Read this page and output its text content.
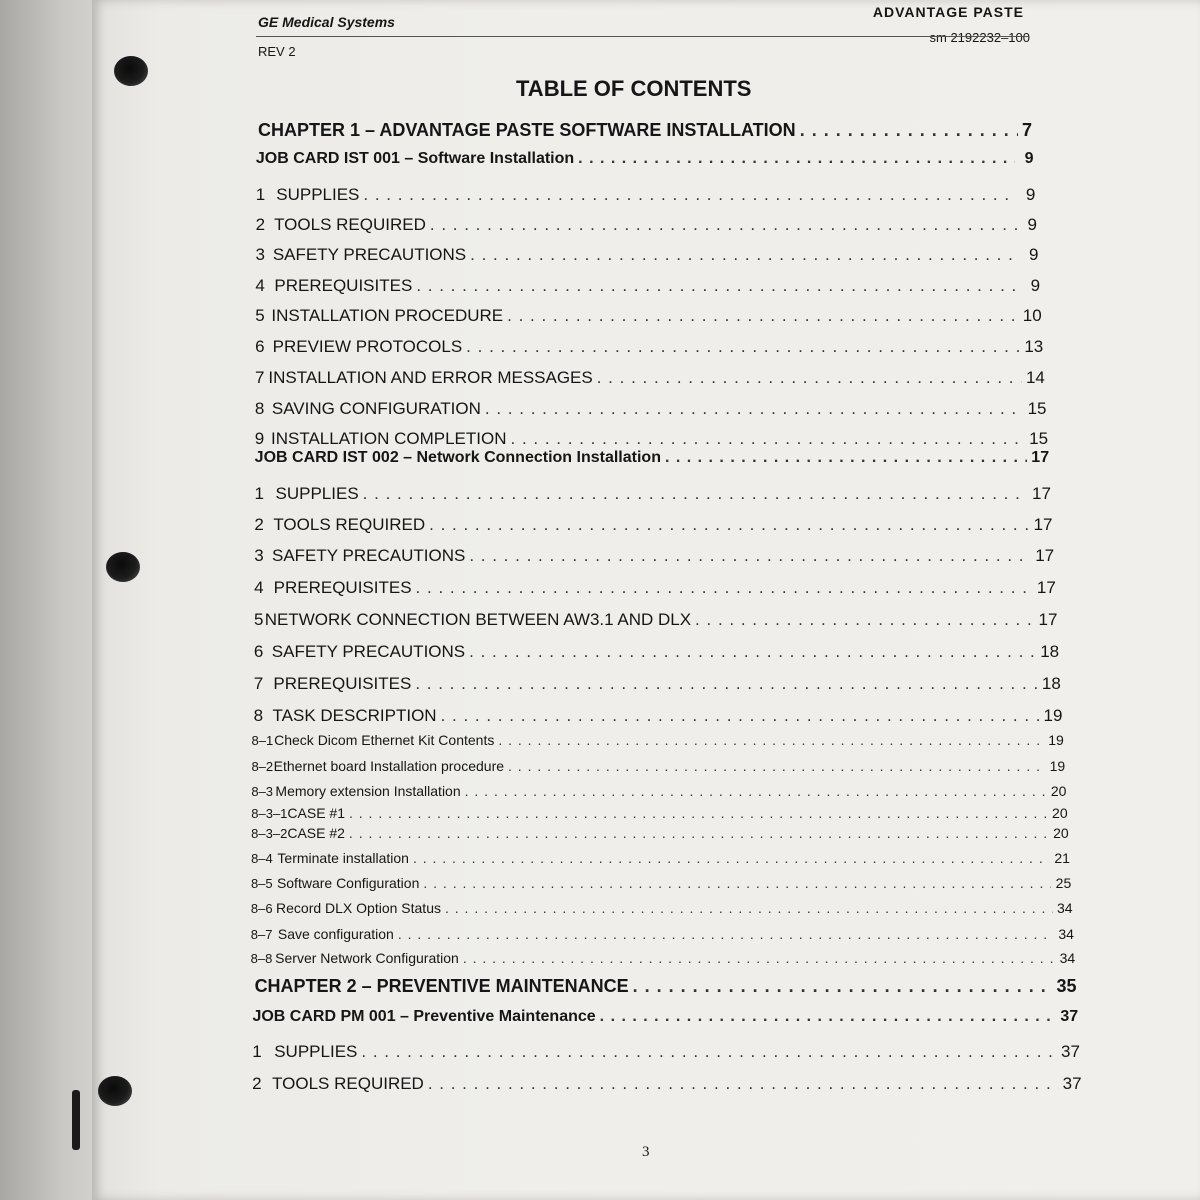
GE Medical Systems
REV 2
ADVANTAGE PASTE
sm 2192232–100
TABLE OF CONTENTS
CHAPTER 1 – ADVANTAGE PASTE SOFTWARE INSTALLATION . . .	7
JOB CARD IST 001 – Software Installation . . .	9
1 SUPPLIES . . .	9
2 TOOLS REQUIRED . . .	9
3 SAFETY PRECAUTIONS . . .	9
4 PREREQUISITES . . .	9
5 INSTALLATION PROCEDURE . . .	10
6 PREVIEW PROTOCOLS . . .	13
7 INSTALLATION AND ERROR MESSAGES . . .	14
8 SAVING CONFIGURATION . . .	15
9 INSTALLATION COMPLETION . . .	15
JOB CARD IST 002 – Network Connection Installation . . .	17
1 SUPPLIES . . .	17
2 TOOLS REQUIRED . . .	17
3 SAFETY PRECAUTIONS . . .	17
4 PREREQUISITES . . .	17
5 NETWORK CONNECTION BETWEEN AW3.1 AND DLX . . .	17
6 SAFETY PRECAUTIONS . . .	18
7 PREREQUISITES . . .	18
8 TASK DESCRIPTION . . .	19
8–1 Check Dicom Ethernet Kit Contents . . .	19
8–2 Ethernet board Installation procedure . . .	19
8–3 Memory extension Installation . . .	20
8–3–1 CASE #1 . . .	20
8–3–2 CASE #2 . . .	20
8–4 Terminate installation . . .	21
8–5 Software Configuration . . .	25
8–6 Record DLX Option Status . . .	34
8–7 Save configuration . . .	34
8–8 Server Network Configuration . . .	34
CHAPTER 2 – PREVENTIVE MAINTENANCE . . .	35
JOB CARD PM 001 – Preventive Maintenance . . .	37
1 SUPPLIES . . .	37
2 TOOLS REQUIRED . . .	37
3
